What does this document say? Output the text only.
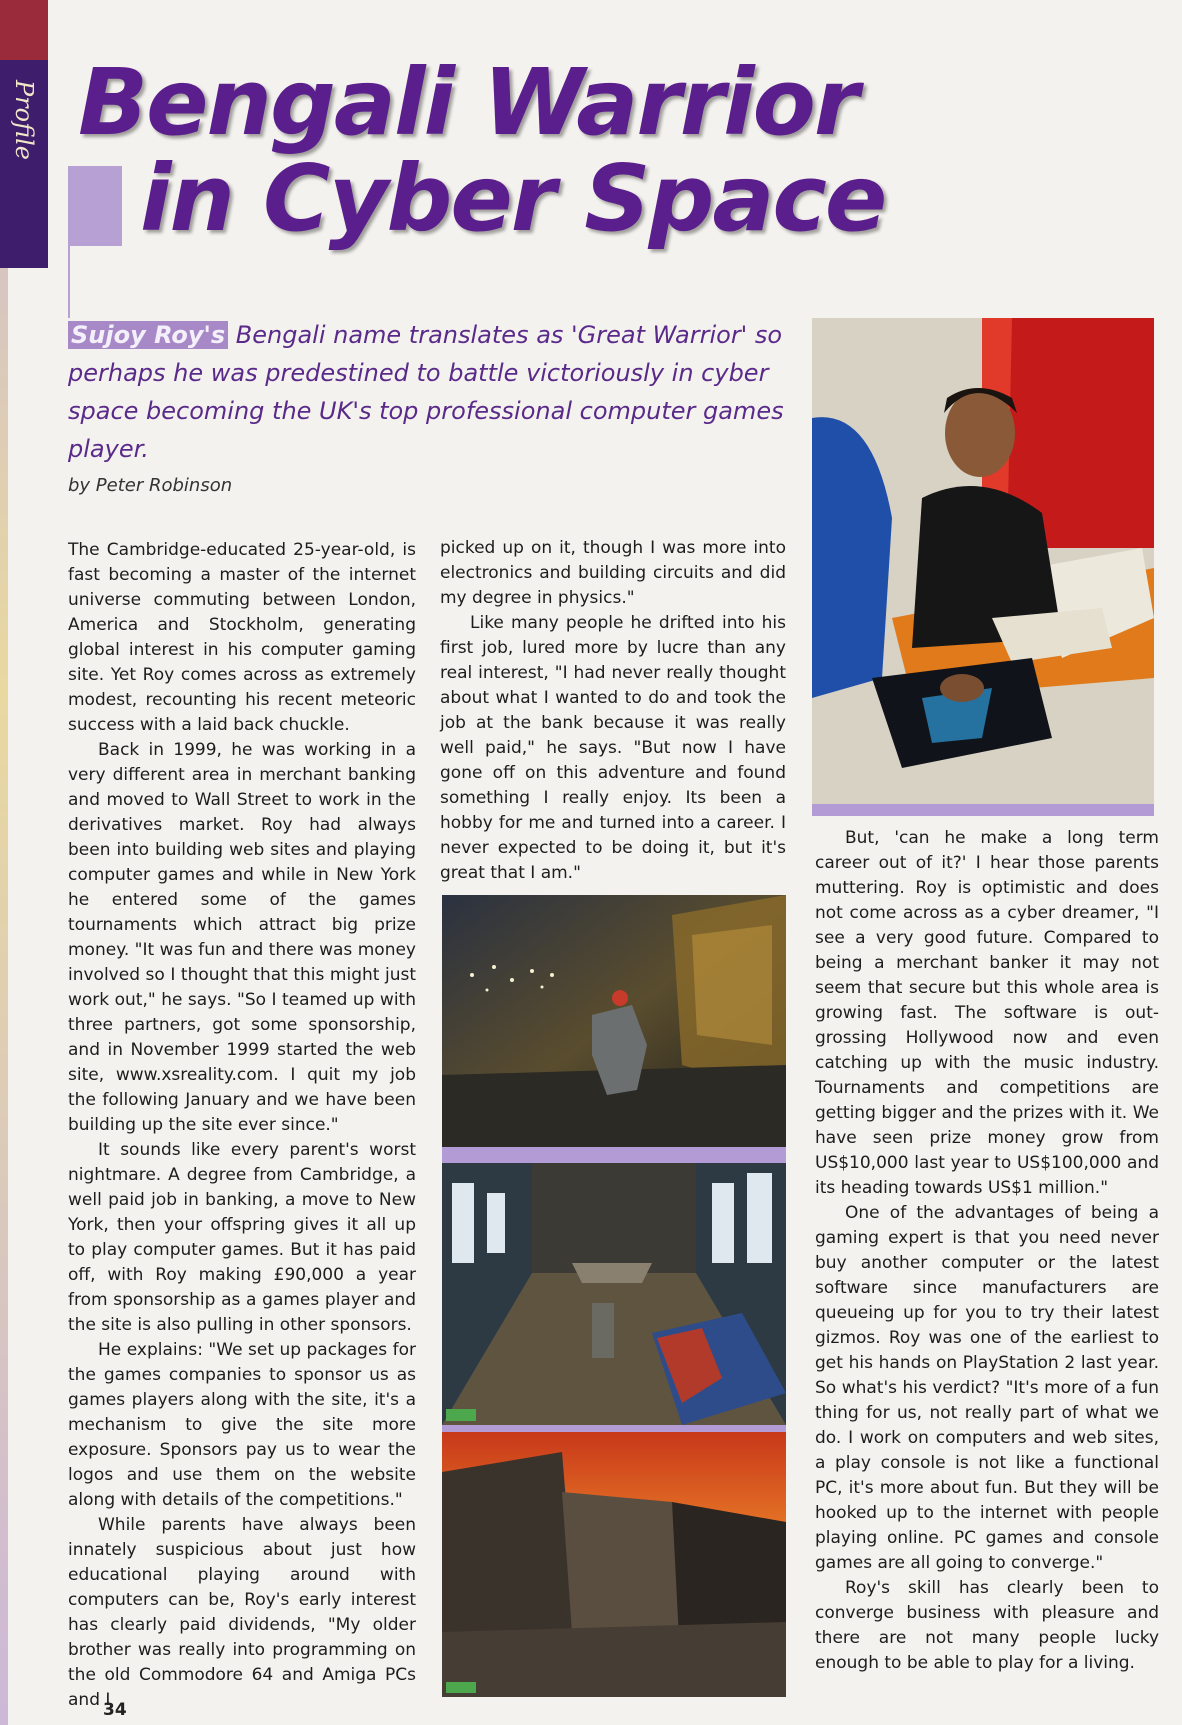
Profile Bengali Warrior
in Cyber Space

Sujoy Roy's Bengali name translates as 'Great Warrior' so perhaps he was predestined to battle victoriously in cyber space becoming the UK's top professional computer games player.

by Peter Robinson

The Cambridge-educated 25-year-old, is fast becoming a master of the internet universe commuting between London, America and Stockholm, generating global interest in his computer gaming site. Yet Roy comes across as extremely modest, recounting his recent meteoric success with a laid back chuckle.

Back in 1999, he was working in a very different area in merchant banking and moved to Wall Street to work in the derivatives market. Roy had always been into building web sites and playing computer games and while in New York he entered some of the games tournaments which attract big prize money. "It was fun and there was money involved so I thought that this might just work out," he says. "So I teamed up with three partners, got some sponsorship, and in November 1999 started the web site, www.xsreality.com. I quit my job the following January and we have been building up the site ever since."

It sounds like every parent's worst nightmare. A degree from Cambridge, a well paid job in banking, a move to New York, then your offspring gives it all up to play computer games. But it has paid off, with Roy making £90,000 a year from sponsorship as a games player and the site is also pulling in other sponsors.

He explains: "We set up packages for the games companies to sponsor us as games players along with the site, it's a mechanism to give the site more exposure. Sponsors pay us to wear the logos and use them on the website along with details of the competitions."

While parents have always been innately suspicious about just how educational playing around with computers can be, Roy's early interest has clearly paid dividends, "My older brother was really into programming on the old Commodore 64 and Amiga PCs and I

picked up on it, though I was more into electronics and building circuits and did my degree in physics."

Like many people he drifted into his first job, lured more by lucre than any real interest, "I had never really thought about what I wanted to do and took the job at the bank because it was really well paid," he says. "But now I have gone off on this adventure and found something I really enjoy. Its been a hobby for me and turned into a career. I never expected to be doing it, but it's great that I am."

But, 'can he make a long term career out of it?' I hear those parents muttering. Roy is optimistic and does not come across as a cyber dreamer, "I see a very good future. Compared to being a merchant banker it may not seem that secure but this whole area is growing fast. The software is out-grossing Hollywood now and even catching up with the music industry. Tournaments and competitions are getting bigger and the prizes with it. We have seen prize money grow from US$10,000 last year to US$100,000 and its heading towards US$1 million."

One of the advantages of being a gaming expert is that you need never buy another computer or the latest software since manufacturers are queueing up for you to try their latest gizmos. Roy was one of the earliest to get his hands on PlayStation 2 last year. So what's his verdict? "It's more of a fun thing for us, not really part of what we do. I work on computers and web sites, a play console is not like a functional PC, it's more about fun. But they will be hooked up to the internet with people playing online. PC games and console games are all going to converge."

Roy's skill has clearly been to converge business with pleasure and there are not many people lucky enough to be able to play for a living.

34
